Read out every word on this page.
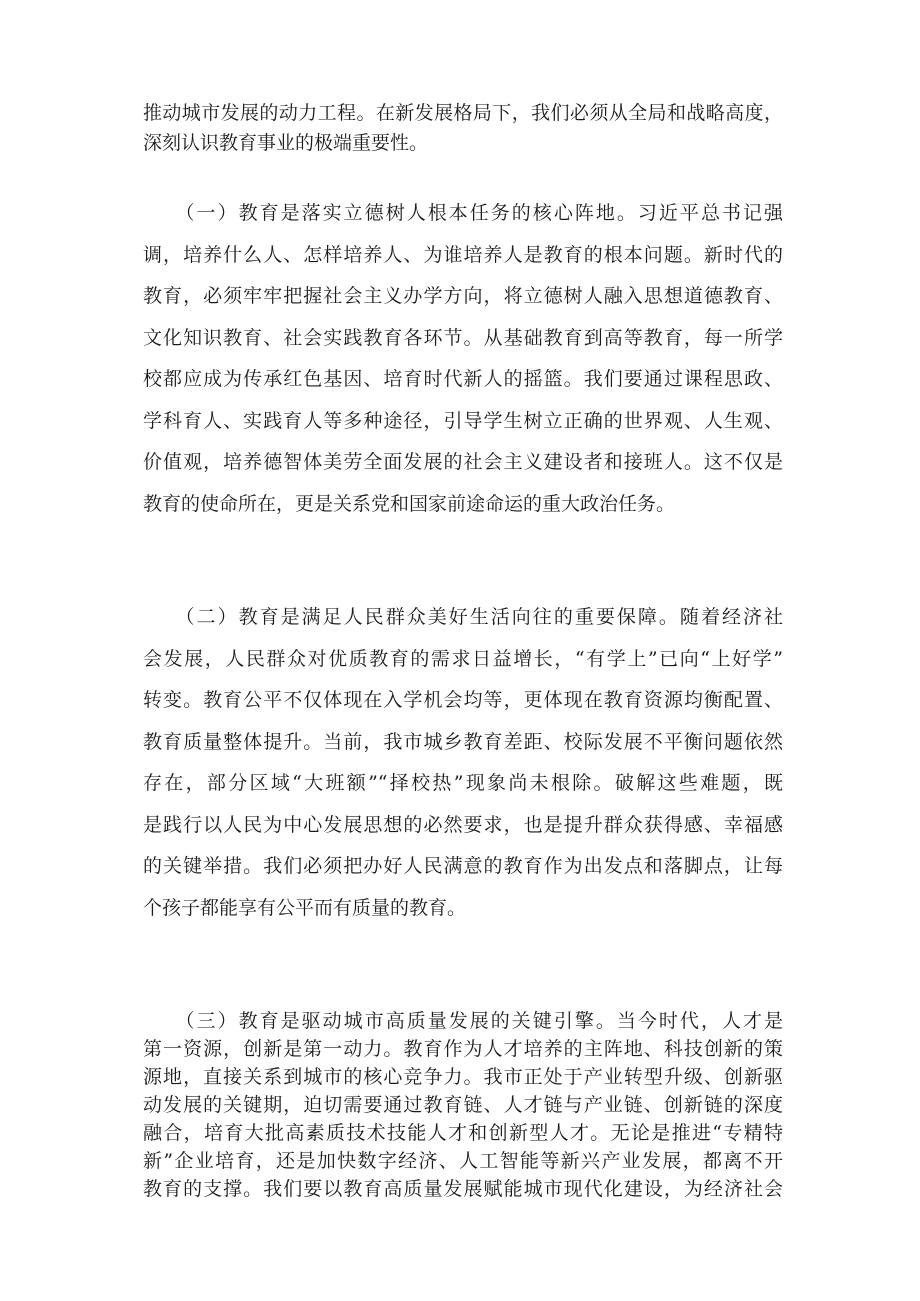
推动城市发展的动力工程。在新发展格局下，我们必须从全局和战略高度，
深刻认识教育事业的极端重要性。

　　（一）教育是落实立德树人根本任务的核心阵地。习近平总书记强
调，培养什么人、怎样培养人、为谁培养人是教育的根本问题。新时代的
教育，必须牢牢把握社会主义办学方向，将立德树人融入思想道德教育、
文化知识教育、社会实践教育各环节。从基础教育到高等教育，每一所学
校都应成为传承红色基因、培育时代新人的摇篮。我们要通过课程思政、
学科育人、实践育人等多种途径，引导学生树立正确的世界观、人生观、
价值观，培养德智体美劳全面发展的社会主义建设者和接班人。这不仅是
教育的使命所在，更是关系党和国家前途命运的重大政治任务。

　　（二）教育是满足人民群众美好生活向往的重要保障。随着经济社
会发展，人民群众对优质教育的需求日益增长，“有学上”已向“上好学”
转变。教育公平不仅体现在入学机会均等，更体现在教育资源均衡配置、
教育质量整体提升。当前，我市城乡教育差距、校际发展不平衡问题依然
存在，部分区域“大班额”“择校热”现象尚未根除。破解这些难题，既
是践行以人民为中心发展思想的必然要求，也是提升群众获得感、幸福感
的关键举措。我们必须把办好人民满意的教育作为出发点和落脚点，让每
个孩子都能享有公平而有质量的教育。

　　（三）教育是驱动城市高质量发展的关键引擎。当今时代，人才是
第一资源，创新是第一动力。教育作为人才培养的主阵地、科技创新的策
源地，直接关系到城市的核心竞争力。我市正处于产业转型升级、创新驱
动发展的关键期，迫切需要通过教育链、人才链与产业链、创新链的深度
融合，培育大批高素质技术技能人才和创新型人才。无论是推进“专精特
新”企业培育，还是加快数字经济、人工智能等新兴产业发展，都离不开
教育的支撑。我们要以教育高质量发展赋能城市现代化建设，为经济社会
